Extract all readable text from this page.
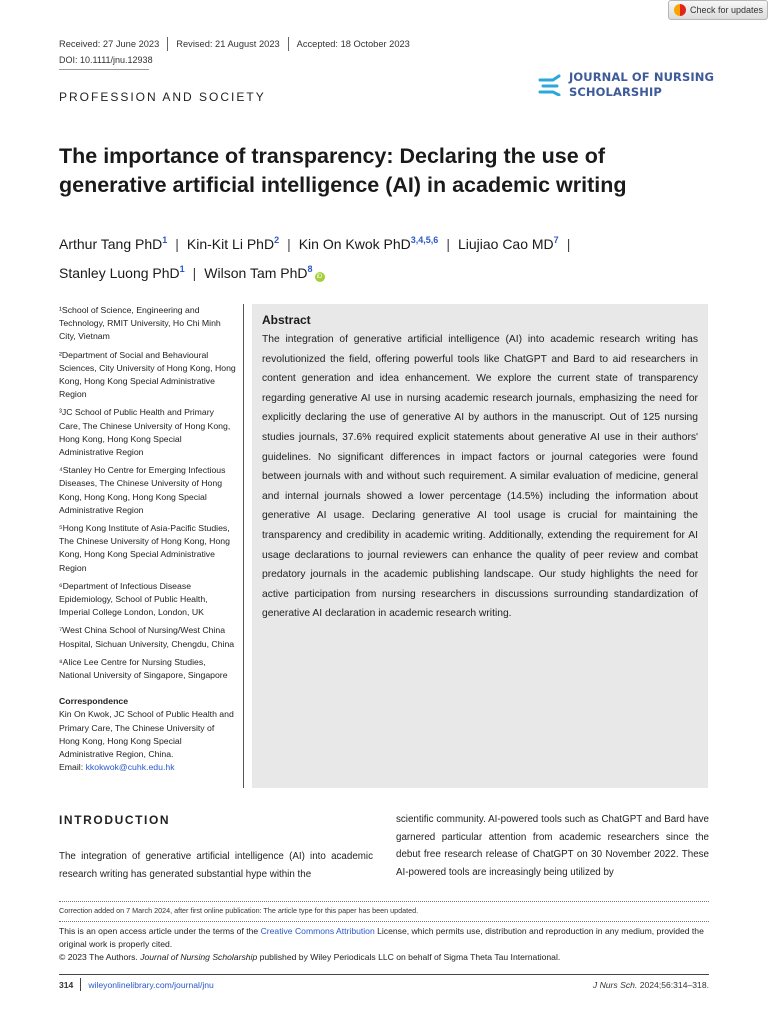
Check for updates
Received: 27 June 2023 Revised: 21 August 2023 Accepted: 18 October 2023
DOI: 10.1111/jnu.12938
JOURNAL OF NURSING
SCHOLARSHIP
PROFESSION AND SOCIETY
The importance of transparency: Declaring the use of generative artificial intelligence (AI) in academic writing
Arthur Tang PhD$^1$ | Kin-Kit Li PhD$^2$ | Kin On Kwok PhD$^{3,4,5,6}$ | Liujiao Cao $MD^7$ |
Stanley Luong PhD$^1$ | Wilson Tam PhD$^8$iD
¹School of Science, Engineering and Technology, RMIT University, Ho Chi Minh City, Vietnam
²Department of Social and Behavioural Sciences, City University of Hong Kong, Hong Kong, Hong Kong Special Administrative Region
³JC School of Public Health and Primary Care, The Chinese University of Hong Kong, Hong Kong, Hong Kong Special Administrative Region
⁴Stanley Ho Centre for Emerging Infectious Diseases, The Chinese University of Hong Kong, Hong Kong, Hong Kong Special Administrative Region
⁵Hong Kong Institute of Asia-Pacific Studies, The Chinese University of Hong Kong, Hong Kong, Hong Kong Special Administrative Region
⁶Department of Infectious Disease Epidemiology, School of Public Health, Imperial College London, London, UK
⁷West China School of Nursing/West China Hospital, Sichuan University, Chengdu, China
⁸Alice Lee Centre for Nursing Studies, National University of Singapore, Singapore
Correspondence
Kin On Kwok, JC School of Public Health and Primary Care, The Chinese University of Hong Kong, Hong Kong Special Administrative Region, China.
Email: kkokwok@cuhk.edu.hk
Abstract

The integration of generative artificial intelligence (AI) into academic research writing has revolutionized the field, offering powerful tools like ChatGPT and Bard to aid researchers in content generation and idea enhancement. We explore the current state of transparency regarding generative AI use in nursing academic research journals, emphasizing the need for explicitly declaring the use of generative AI by authors in the manuscript. Out of 125 nursing studies journals, 37.6% required explicit statements about generative AI use in their authors' guidelines. No significant differences in impact factors or journal categories were found between journals with and without such requirement. A similar evaluation of medicine, general and internal journals showed a lower percentage (14.5%) including the information about generative AI usage. Declaring generative AI tool usage is crucial for maintaining the transparency and credibility in academic writing. Additionally, extending the requirement for AI usage declarations to journal reviewers can enhance the quality of peer review and combat predatory journals in the academic publishing landscape. Our study highlights the need for active participation from nursing researchers in discussions surrounding standardization of generative AI declaration in academic research writing.

INTRODUCTION

The integration of generative artificial intelligence (AI) into academic research writing has generated substantial hype within the

scientific community. AI-powered tools such as ChatGPT and Bard have garnered particular attention from academic researchers since the debut free research release of ChatGPT on 30 November 2022. These AI-powered tools are increasingly being utilized by

Correction added on 7 March 2024, after first online publication: The article type for this paper has been updated.
This is an open access article under the terms of the Creative Commons Attribution License, which permits use, distribution and reproduction in any medium, provided the original work is properly cited.
© 2023 The Authors. Journal of Nursing Scholarship published by Wiley Periodicals LLC on behalf of Sigma Theta Tau International.
314 wileyonlinelibrary.com/journal/jnu	J Nurs Sch. 2024;56:314–318.
